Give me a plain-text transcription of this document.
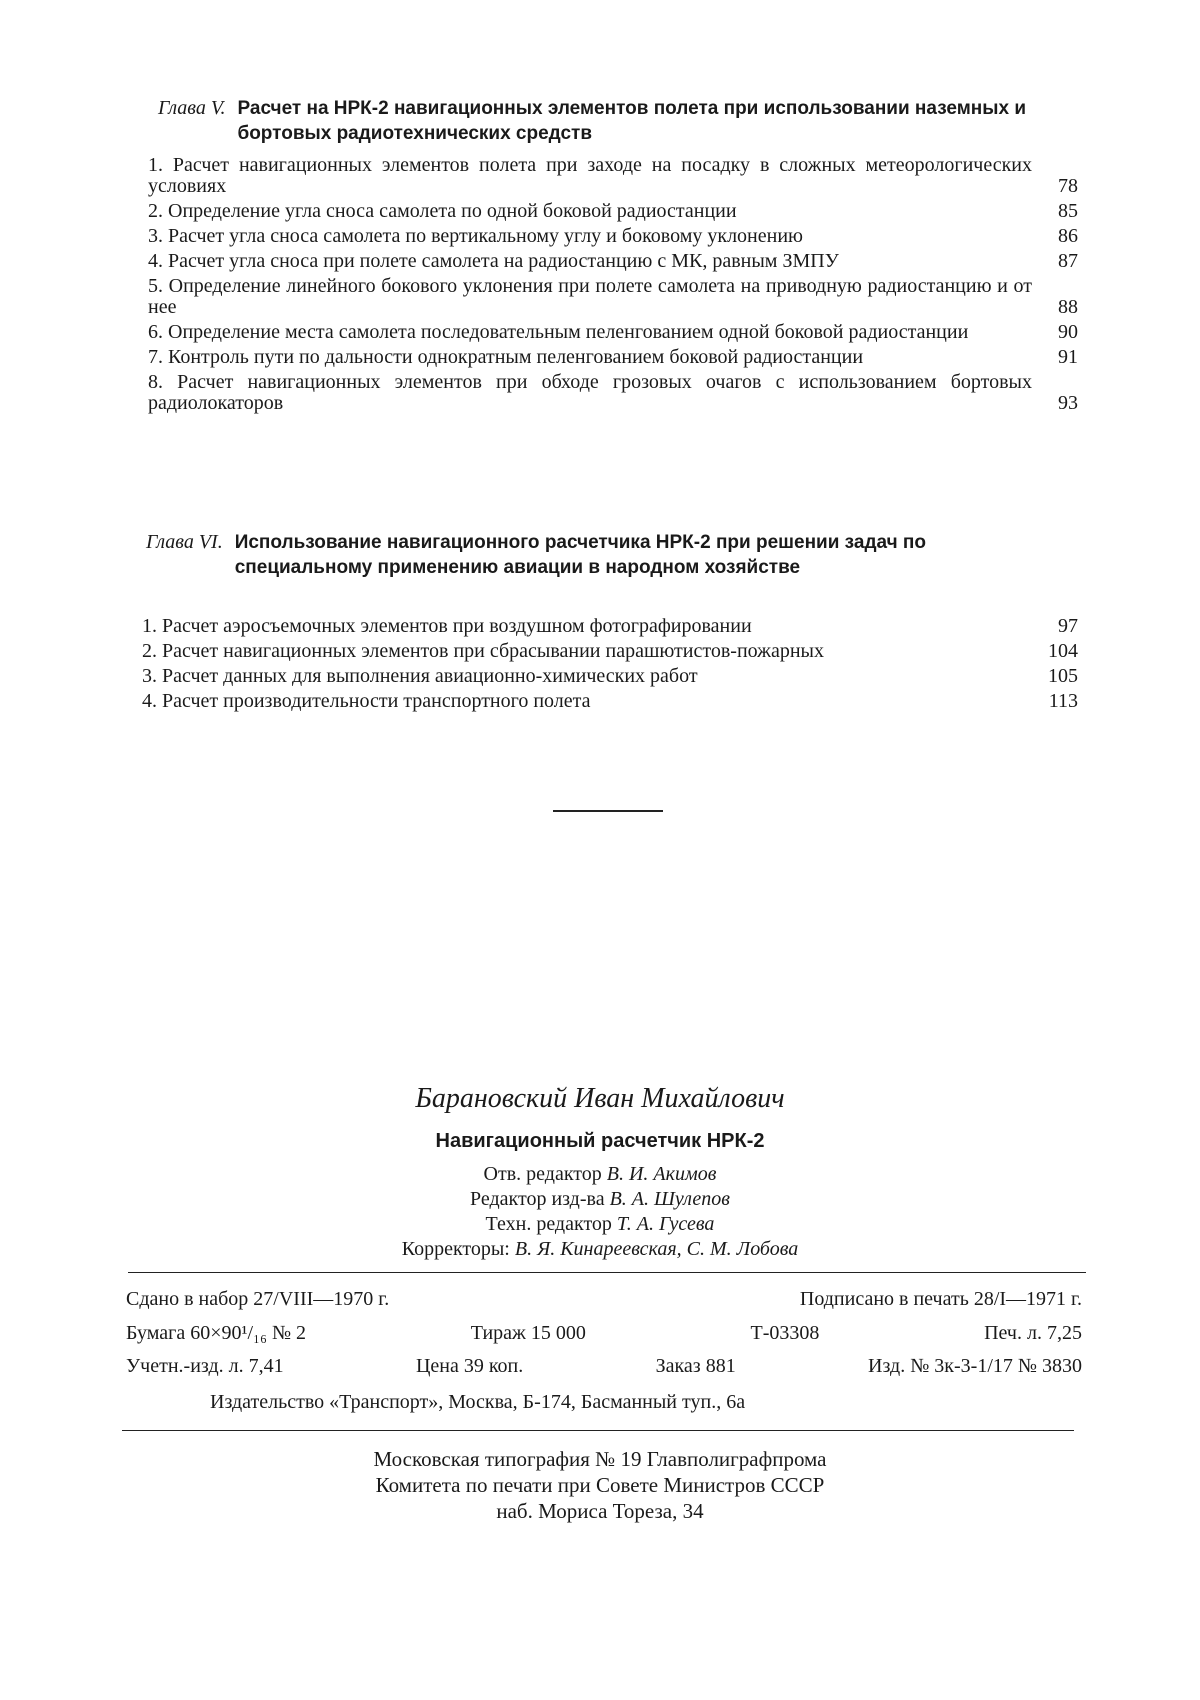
Глава V. Расчет на НРК-2 навигационных элементов полета при использовании наземных и бортовых радиотехнических средств
1. Расчет навигационных элементов полета при заходе на посадку в сложных метеорологических условиях	78
2. Определение угла сноса самолета по одной боковой радиостанции	85
3. Расчет угла сноса самолета по вертикальному углу и боковому уклонению	86
4. Расчет угла сноса при полете самолета на радиостанцию с МК, равным ЗМПУ	87
5. Определение линейного бокового уклонения при полете самолета на приводную радиостанцию и от нее	88
6. Определение места самолета последовательным пеленгованием одной боковой радиостанции	90
7. Контроль пути по дальности однократным пеленгованием боковой радиостанции	91
8. Расчет навигационных элементов при обходе грозовых очагов с использованием бортовых радиолокаторов	93
Глава VI. Использование навигационного расчетчика НРК-2 при решении задач по специальному применению авиации в народном хозяйстве
1. Расчет аэросъемочных элементов при воздушном фотографировании	97
2. Расчет навигационных элементов при сбрасывании парашютистов-пожарных	104
3. Расчет данных для выполнения авиационно-химических работ	105
4. Расчет производительности транспортного полета	113
Барановский Иван Михайлович
Навигационный расчетчик НРК-2
Отв. редактор В. И. Акимов
Редактор изд-ва В. А. Шулепов
Техн. редактор Т. А. Гусева
Корректоры: В. Я. Кинареевская, С. М. Лобова
Сдано в набор 27/VIII—1970 г.	Подписано в печать 28/I—1971 г.
Бумага 60×90¹/₁₆ № 2	Тираж 15 000	Т-03308	Печ. л. 7,25
Учетн.-изд. л. 7,41	Цена 39 коп.	Заказ 881	Изд. № 3к-3-1/17 № 3830
Издательство «Транспорт», Москва, Б-174, Басманный туп., 6а
Московская типография № 19 Главполиграфпрома
Комитета по печати при Совете Министров СССР
наб. Мориса Тореза, 34
